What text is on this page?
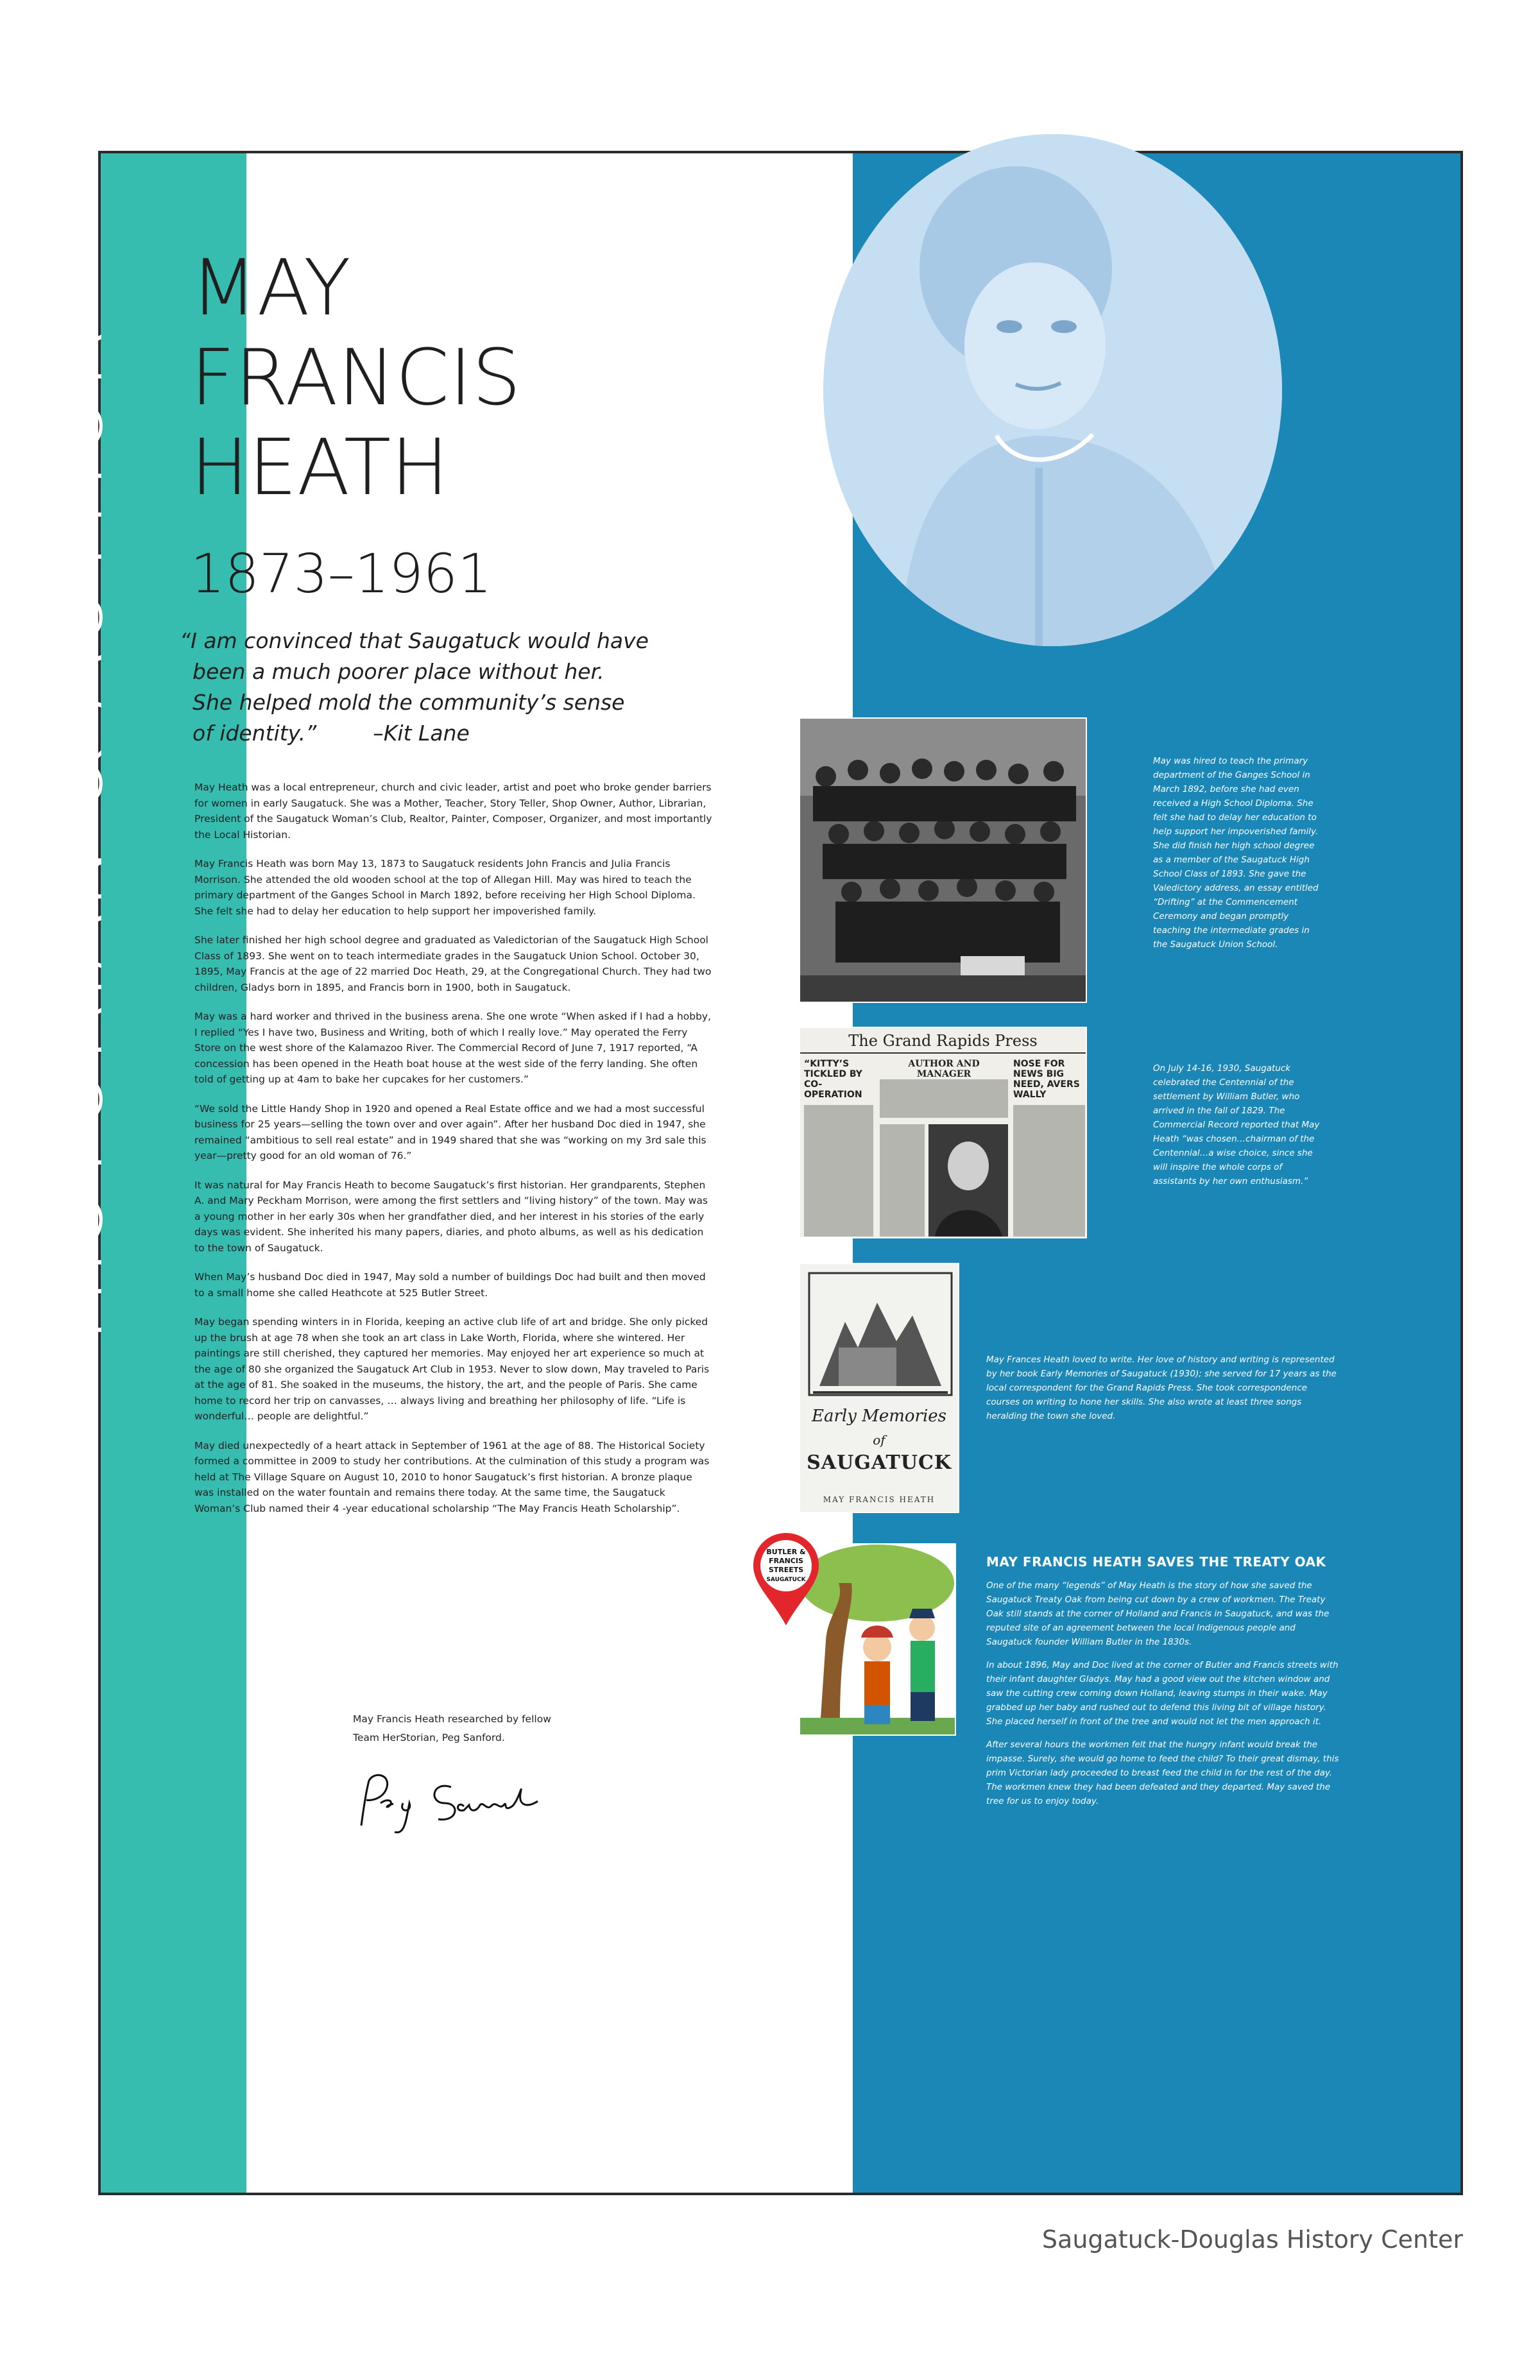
HISTORIAN & AUTHOR
MAY
FRANCIS
HEATH
1873–1961
“I am convinced that Saugatuck would have
been a much poorer place without her.
She helped mold the community’s sense
of identity.”	–Kit Lane

May Heath was a local entrepreneur, church and civic leader, artist and poet who broke gender barriers for women in early Saugatuck. She was a Mother, Teacher, Story Teller, Shop Owner, Author, Librarian, President of the Saugatuck Woman’s Club, Realtor, Painter, Composer, Organizer, and most importantly the Local Historian.

May Francis Heath was born May 13, 1873 to Saugatuck residents John Francis and Julia Francis Morrison. She attended the old wooden school at the top of Allegan Hill. May was hired to teach the primary department of the Ganges School in March 1892, before receiving her High School Diploma. She felt she had to delay her education to help support her impoverished family.

She later finished her high school degree and graduated as Valedictorian of the Saugatuck High School Class of 1893. She went on to teach intermediate grades in the Saugatuck Union School. October 30, 1895, May Francis at the age of 22 married Doc Heath, 29, at the Congregational Church. They had two children, Gladys born in 1895, and Francis born in 1900, both in Saugatuck.

May was a hard worker and thrived in the business arena. She one wrote “When asked if I had a hobby, I replied “Yes I have two, Business and Writing, both of which I really love.” May operated the Ferry Store on the west shore of the Kalamazoo River. The Commercial Record of June 7, 1917 reported, “A concession has been opened in the Heath boat house at the west side of the ferry landing. She often told of getting up at 4am to bake her cupcakes for her customers.”

“We sold the Little Handy Shop in 1920 and opened a Real Estate office and we had a most successful business for 25 years—selling the town over and over again”. After her husband Doc died in 1947, she remained “ambitious to sell real estate” and in 1949 shared that she was “working on my 3rd sale this year—pretty good for an old woman of 76.”

It was natural for May Francis Heath to become Saugatuck’s first historian. Her grandparents, Stephen A. and Mary Peckham Morrison, were among the first settlers and “living history” of the town. May was a young mother in her early 30s when her grandfather died, and her interest in his stories of the early days was evident. She inherited his many papers, diaries, and photo albums, as well as his dedication to the town of Saugatuck.

When May’s husband Doc died in 1947, May sold a number of buildings Doc had built and then moved to a small home she called Heathcote at 525 Butler Street.

May began spending winters in in Florida, keeping an active club life of art and bridge. She only picked up the brush at age 78 when she took an art class in Lake Worth, Florida, where she wintered. Her paintings are still cherished, they captured her memories. May enjoyed her art experience so much at the age of 80 she organized the Saugatuck Art Club in 1953. Never to slow down, May traveled to Paris at the age of 81. She soaked in the museums, the history, the art, and the people of Paris. She came home to record her trip on canvasses, … always living and breathing her philosophy of life. “Life is wonderful… people are delightful.”

May died unexpectedly of a heart attack in September of 1961 at the age of 88. The Historical Society formed a committee in 2009 to study her contributions. At the culmination of this study a program was held at The Village Square on August 10, 2010 to honor Saugatuck’s first historian. A bronze plaque was installed on the water fountain and remains there today. At the same time, the Saugatuck Woman’s Club named their 4 -year educational scholarship “The May Francis Heath Scholarship”.

May Francis Heath researched by fellow
Team HerStorian, Peg Sanford.
The Grand Rapids Press
“KITTY’S TICKLED BY CO-OPERATION
AUTHOR AND MANAGER
NOSE FOR NEWS BIG NEED, AVERS WALLY
Early Memories
of
SAUGATUCK
MAY FRANCIS HEATH
BUTLER &
FRANCIS
STREETS
SAUGATUCK
May was hired to teach the primary department of the Ganges School in March 1892, before she had even received a High School Diploma. She felt she had to delay her education to help support her impoverished family. She did finish her high school degree as a member of the Saugatuck High School Class of 1893. She gave the Valedictory address, an essay entitled “Drifting” at the Commencement Ceremony and began promptly teaching the intermediate grades in the Saugatuck Union School.
On July 14-16, 1930, Saugatuck celebrated the Centennial of the settlement by William Butler, who arrived in the fall of 1829. The Commercial Record reported that May Heath “was chosen…chairman of the Centennial…a wise choice, since she will inspire the whole corps of assistants by her own enthusiasm.”
May Frances Heath loved to write. Her love of history and writing is represented by her book Early Memories of Saugatuck (1930); she served for 17 years as the local correspondent for the Grand Rapids Press. She took correspondence courses on writing to hone her skills. She also wrote at least three songs heralding the town she loved.
MAY FRANCIS HEATH SAVES THE TREATY OAK

One of the many “legends” of May Heath is the story of how she saved the Saugatuck Treaty Oak from being cut down by a crew of workmen. The Treaty Oak still stands at the corner of Holland and Francis in Saugatuck, and was the reputed site of an agreement between the local Indigenous people and Saugatuck founder William Butler in the 1830s.

In about 1896, May and Doc lived at the corner of Butler and Francis streets with their infant daughter Gladys. May had a good view out the kitchen window and saw the cutting crew coming down Holland, leaving stumps in their wake. May grabbed up her baby and rushed out to defend this living bit of village history. She placed herself in front of the tree and would not let the men approach it.

After several hours the workmen felt that the hungry infant would break the impasse. Surely, she would go home to feed the child? To their great dismay, this prim Victorian lady proceeded to breast feed the child in for the rest of the day. The workmen knew they had been defeated and they departed. May saved the tree for us to enjoy today.

Saugatuck-Douglas History Center
